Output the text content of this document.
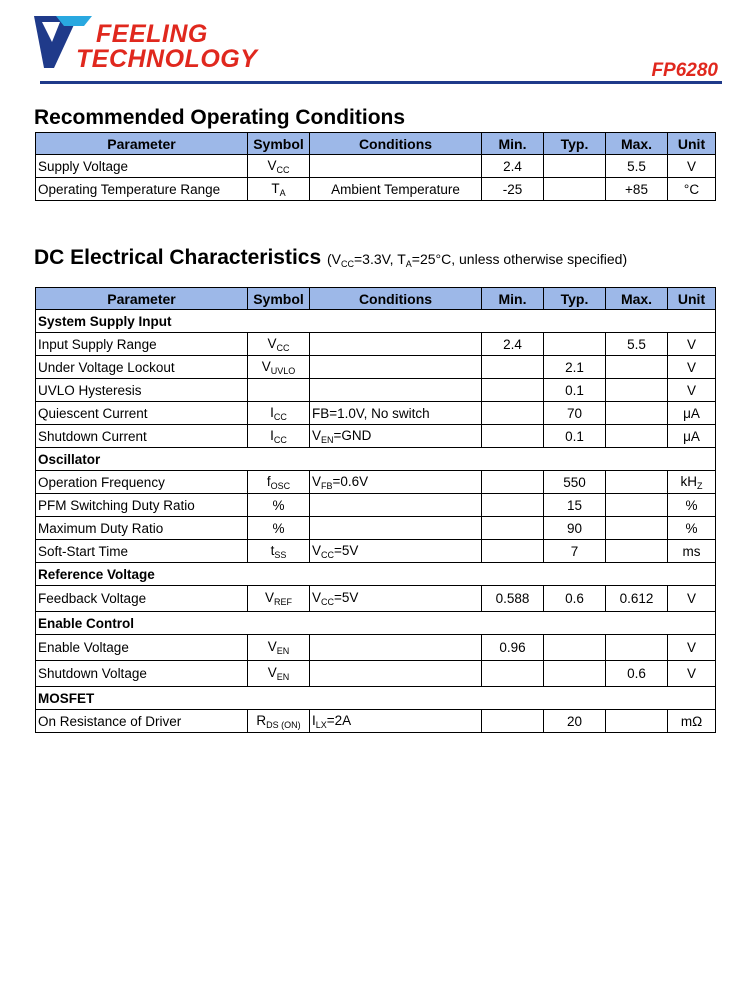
FEELING
TECHNOLOGY	FP6280
Recommended Operating Conditions
Parameter	Symbol	Conditions	Min.	Typ.	Max.	Unit
Supply Voltage	$V_{CC}$		2.4		5.5	V
Operating Temperature Range	$T_A$	Ambient Temperature	-25		+85	°C
DC Electrical Characteristics ($V_{CC}=3.3V$, $T_A=25^\circ C$, unless otherwise specified)
Parameter	Symbol	Conditions	Min.	Typ.	Max.	Unit
System Supply Input						
Input Supply Range	$V_{CC}$		2.4		5.5	V
Under Voltage Lockout	$V_{UVLO}$			2.1		V
UVLO Hysteresis				0.1		V
Quiescent Current	$I_{CC}$	FB=1.0V, No switch		70		μA
Shutdown Current	$I_{CC}$	$V_{EN}=GND$		0.1		μA
Oscillator						
Operation Frequency	$f_{OSC}$	$V_{FB}=0.6V$		550		$kH_Z$
PFM Switching Duty Ratio	%			15		%
Maximum Duty Ratio	%			90		%
Soft-Start Time	$t_{SS}$	$V_{CC}=5V$		7		ms
Reference Voltage						
Feedback Voltage	$V_{REF}$	$V_{CC}=5V$	0.588	0.6	0.612	V
Enable Control						
Enable Voltage	$V_{EN}$		0.96			V
Shutdown Voltage	$V_{EN}$				0.6	V
MOSFET						
On Resistance of Driver	$R_{DS (ON)}$	$I_{LX}=2A$		20		mΩ
